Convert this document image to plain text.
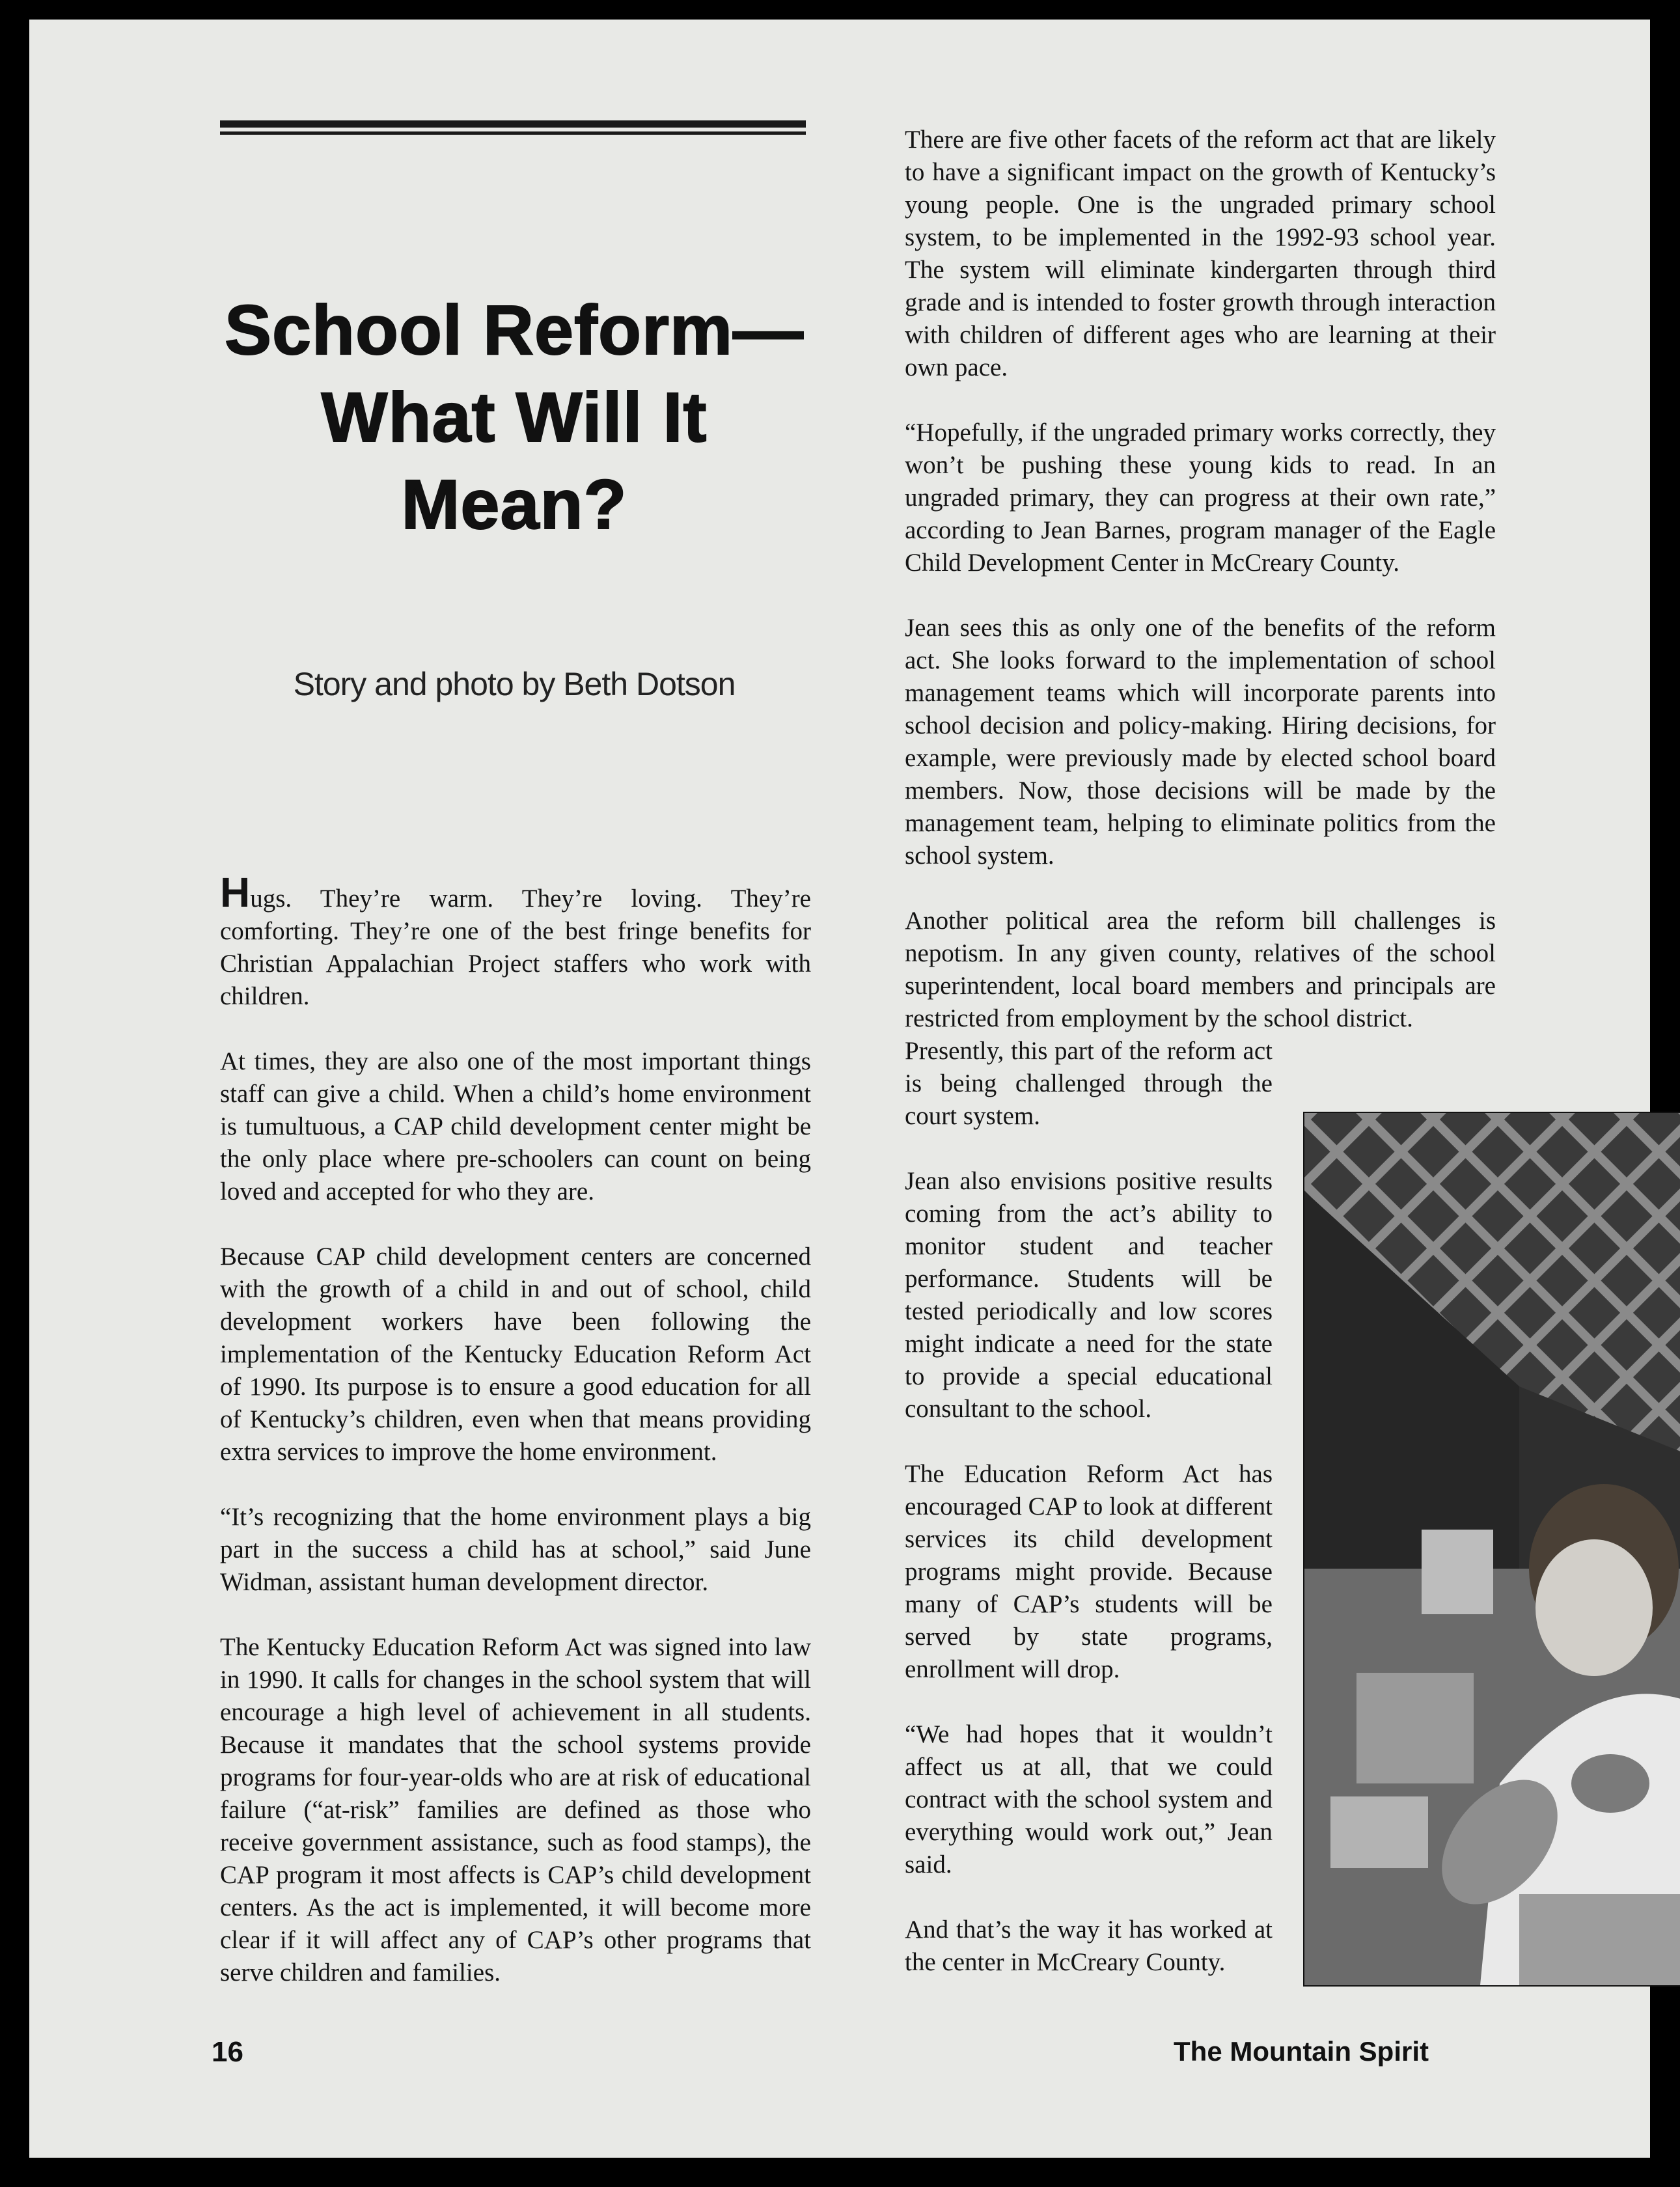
School Reform—
What Will It
Mean?
Story and photo by Beth Dotson

Hugs. They’re warm. They’re loving. They’re comforting. They’re one of the best fringe benefits for Christian Appalachian Project staffers who work with children.

At times, they are also one of the most important things staff can give a child. When a child’s home environment is tumultuous, a CAP child development center might be the only place where pre-schoolers can count on being loved and accepted for who they are.

Because CAP child development centers are concerned with the growth of a child in and out of school, child development workers have been following the implementation of the Kentucky Education Reform Act of 1990. Its purpose is to ensure a good education for all of Kentucky’s children, even when that means providing extra services to improve the home environment.

“It’s recognizing that the home environment plays a big part in the success a child has at school,” said June Widman, assistant human development director.

The Kentucky Education Reform Act was signed into law in 1990. It calls for changes in the school system that will encourage a high level of achievement in all students. Because it mandates that the school systems provide programs for four-year-olds who are at risk of educational failure (“at-risk” families are defined as those who receive government assistance, such as food stamps), the CAP program it most affects is CAP’s child development centers. As the act is implemented, it will become more clear if it will affect any of CAP’s other programs that serve children and families.

There are five other facets of the reform act that are likely to have a significant impact on the growth of Kentucky’s young people. One is the ungraded primary school system, to be implemented in the 1992-93 school year. The system will eliminate kindergarten through third grade and is intended to foster growth through interaction with children of different ages who are learning at their own pace.

“Hopefully, if the ungraded primary works correctly, they won’t be pushing these young kids to read. In an ungraded primary, they can progress at their own rate,” according to Jean Barnes, program manager of the Eagle Child Development Center in McCreary County.

Jean sees this as only one of the benefits of the reform act. She looks forward to the implementation of school management teams which will incorporate parents into school decision and policy-making. Hiring decisions, for example, were previously made by elected school board members. Now, those decisions will be made by the management team, helping to eliminate politics from the school system.

Another political area the reform bill challenges is nepotism. In any given county, relatives of the school superintendent, local board members and principals are restricted from employment by the school district.

Presently, this part of the reform act is being challenged through the court system.

Jean also envisions positive results coming from the act’s ability to monitor student and teacher performance. Students will be tested periodically and low scores might indicate a need for the state to provide a special educational consultant to the school.

The Education Reform Act has encouraged CAP to look at different services its child development programs might provide. Because many of CAP’s students will be served by state programs, enrollment will drop.

“We had hopes that it wouldn’t affect us at all, that we could contract with the school system and everything would work out,” Jean said.

And that’s the way it has worked at the center in McCreary County.

16	The Mountain Spirit
